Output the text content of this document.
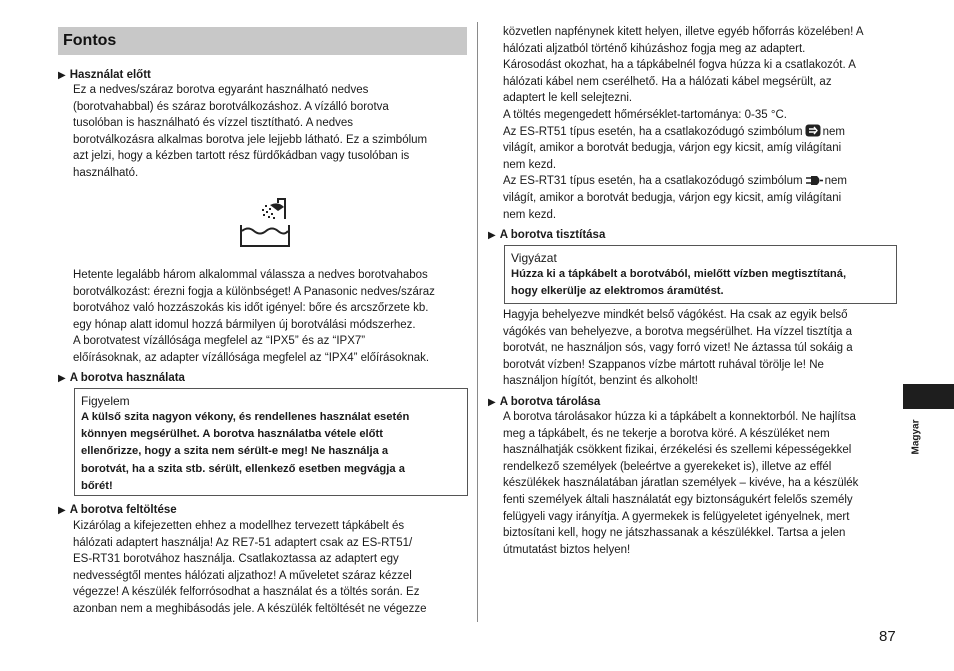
Fontos
▶ Használat előtt
Ez a nedves/száraz borotva egyaránt használható nedves
(borotvahabbal) és száraz borotválkozáshoz. A vízálló borotva
tusolóban is használható és vízzel tisztítható. A nedves
borotválkozásra alkalmas borotva jele lejjebb látható. Ez a szimbólum
azt jelzi, hogy a kézben tartott rész fürdőkádban vagy tusolóban is
használható.
Hetente legalább három alkalommal válassza a nedves borotvahabos
borotválkozást: érezni fogja a különbséget! A Panasonic nedves/száraz
borotvához való hozzászokás kis időt igényel: bőre és arcszőrzete kb.
egy hónap alatt idomul hozzá bármilyen új borotválási módszerhez.
A borotvatest vízállósága megfelel az “IPX5” és az “IPX7”
előírásoknak, az adapter vízállósága megfelel az “IPX4” előírásoknak.
▶ A borotva használata
Figyelem
A külső szita nagyon vékony, és rendellenes használat esetén
könnyen megsérülhet. A borotva használatba vétele előtt
ellenőrizze, hogy a szita nem sérült-e meg! Ne használja a
borotvát, ha a szita stb. sérült, ellenkező esetben megvágja a
bőrét!
▶ A borotva feltöltése
Kizárólag a kifejezetten ehhez a modellhez tervezett tápkábelt és
hálózati adaptert használja! Az RE7-51 adaptert csak az ES-RT51/
ES-RT31 borotvához használja. Csatlakoztassa az adaptert egy
nedvességtől mentes hálózati aljzathoz! A műveletet száraz kézzel
végezze! A készülék felforrósodhat a használat és a töltés során. Ez
azonban nem a meghibásodás jele. A készülék feltöltését ne végezze
közvetlen napfénynek kitett helyen, illetve egyéb hőforrás közelében! A
hálózati aljzatból történő kihúzáshoz fogja meg az adaptert.
Károsodást okozhat, ha a tápkábelnél fogva húzza ki a csatlakozót. A
hálózati kábel nem cserélhető. Ha a hálózati kábel megsérült, az
adaptert le kell selejtezni.
A töltés megengedett hőmérséklet-tartománya: 0-35 °C.
Az ES-RT51 típus esetén, ha a csatlakozódugó szimbólum nem
világít, amikor a borotvát bedugja, várjon egy kicsit, amíg világítani
nem kezd.
Az ES-RT31 típus esetén, ha a csatlakozódugó szimbólum nem
világít, amikor a borotvát bedugja, várjon egy kicsit, amíg világítani
nem kezd.
▶ A borotva tisztítása
Vigyázat
Húzza ki a tápkábelt a borotvából, mielőtt vízben megtisztítaná,
hogy elkerülje az elektromos áramütést.
Hagyja behelyezve mindkét belső vágókést. Ha csak az egyik belső
vágókés van behelyezve, a borotva megsérülhet. Ha vízzel tisztítja a
borotvát, ne használjon sós, vagy forró vizet! Ne áztassa túl sokáig a
borotvát vízben! Szappanos vízbe mártott ruhával törölje le! Ne
használjon hígítót, benzint és alkoholt!
▶ A borotva tárolása
A borotva tárolásakor húzza ki a tápkábelt a konnektorból. Ne hajlítsa
meg a tápkábelt, és ne tekerje a borotva köré. A készüléket nem
használhatják csökkent fizikai, érzékelési és szellemi képességekkel
rendelkező személyek (beleértve a gyerekeket is), illetve az effél
készülékek használatában járatlan személyek – kivéve, ha a készülék
fenti személyek általi használatát egy biztonságukért felelős személy
felügyeli vagy irányítja. A gyermekek is felügyeletet igényelnek, mert
biztosítani kell, hogy ne játszhassanak a készülékkel. Tartsa a jelen
útmutatást biztos helyen!
Magyar
87
